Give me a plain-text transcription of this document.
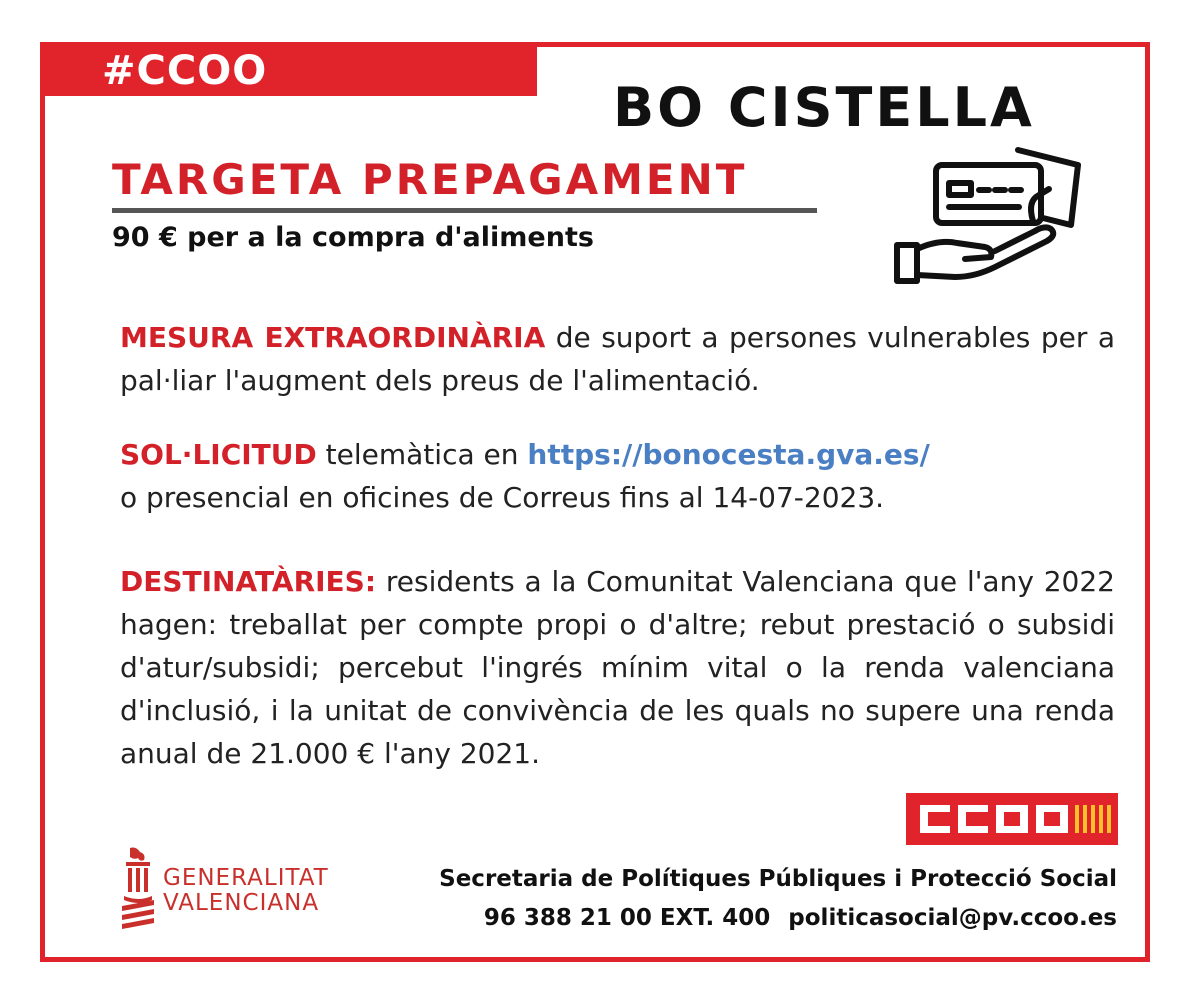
#CCOO PVINFORMA	BO CISTELLA
TARGETA PREPAGAMENT
90 € per a la compra d'aliments
MESURA EXTRAORDINÀRIA de suport a persones vulnerables per a pal·liar l'augment dels preus de l'alimentació.
SOL·LICITUD telemàtica en https://bonocesta.gva.es/
o presencial en oficines de Correus fins al 14-07-2023.
DESTINATÀRIES: residents a la Comunitat Valenciana que l'any 2022 hagen: treballat per compte propi o d'altre; rebut prestació o subsidi d'atur/subsidi; percebut l'ingrés mínim vital o la renda valenciana d'inclusió, i la unitat de convivència de les quals no supere una renda anual de 21.000 € l'any 2021.
GENERALITAT
VALENCIANA
Secretaria de Polítiques Públiques i Protecció Social
96 388 21 00 EXT. 400 politicasocial@pv.ccoo.es
